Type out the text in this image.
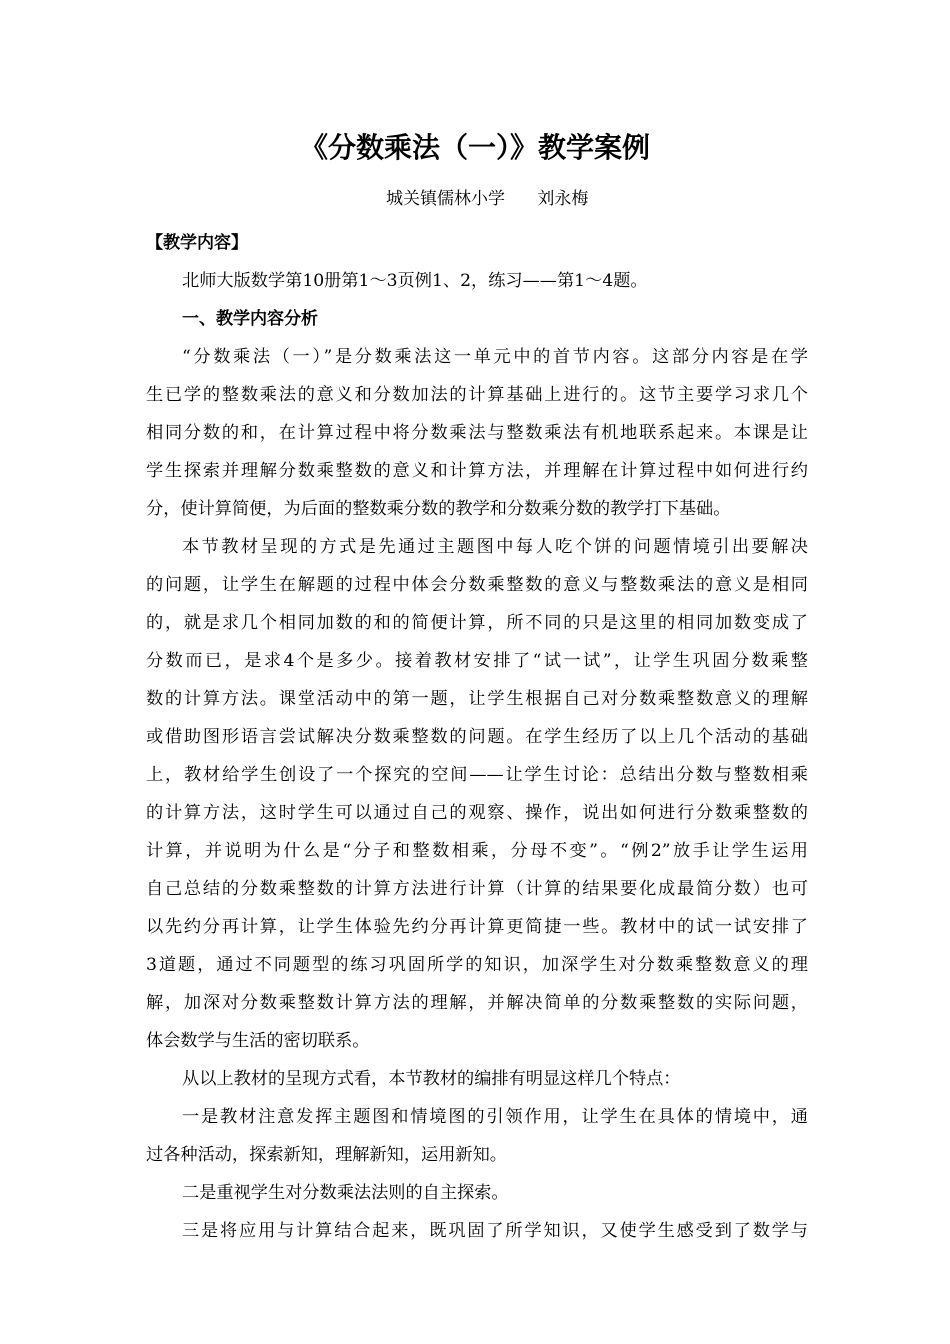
《分数乘法（一）》教学案例
城关镇儒林小学      刘永梅
【教学内容】
北师大版数学第10册第1～3页例1、2，练习——第1～4题。
一、教学内容分析
“分数乘法（一）”是分数乘法这一单元中的首节内容。这部分内容是在学
生已学的整数乘法的意义和分数加法的计算基础上进行的。这节主要学习求几个
相同分数的和，在计算过程中将分数乘法与整数乘法有机地联系起来。本课是让
学生探索并理解分数乘整数的意义和计算方法，并理解在计算过程中如何进行约
分，使计算简便，为后面的整数乘分数的教学和分数乘分数的教学打下基础。
本节教材呈现的方式是先通过主题图中每人吃个饼的问题情境引出要解决
的问题，让学生在解题的过程中体会分数乘整数的意义与整数乘法的意义是相同
的，就是求几个相同加数的和的简便计算，所不同的只是这里的相同加数变成了
分数而已，是求4个是多少。接着教材安排了“试一试”，让学生巩固分数乘整
数的计算方法。课堂活动中的第一题，让学生根据自己对分数乘整数意义的理解
或借助图形语言尝试解决分数乘整数的问题。在学生经历了以上几个活动的基础
上，教材给学生创设了一个探究的空间——让学生讨论：总结出分数与整数相乘
的计算方法，这时学生可以通过自己的观察、操作，说出如何进行分数乘整数的
计算，并说明为什么是“分子和整数相乘，分母不变”。“例2”放手让学生运用
自己总结的分数乘整数的计算方法进行计算（计算的结果要化成最简分数）也可
以先约分再计算，让学生体验先约分再计算更简捷一些。教材中的试一试安排了
3道题，通过不同题型的练习巩固所学的知识，加深学生对分数乘整数意义的理
解，加深对分数乘整数计算方法的理解，并解决简单的分数乘整数的实际问题，
体会数学与生活的密切联系。
从以上教材的呈现方式看，本节教材的编排有明显这样几个特点：
一是教材注意发挥主题图和情境图的引领作用，让学生在具体的情境中，通
过各种活动，探索新知，理解新知，运用新知。
二是重视学生对分数乘法法则的自主探索。
三是将应用与计算结合起来，既巩固了所学知识，又使学生感受到了数学与
